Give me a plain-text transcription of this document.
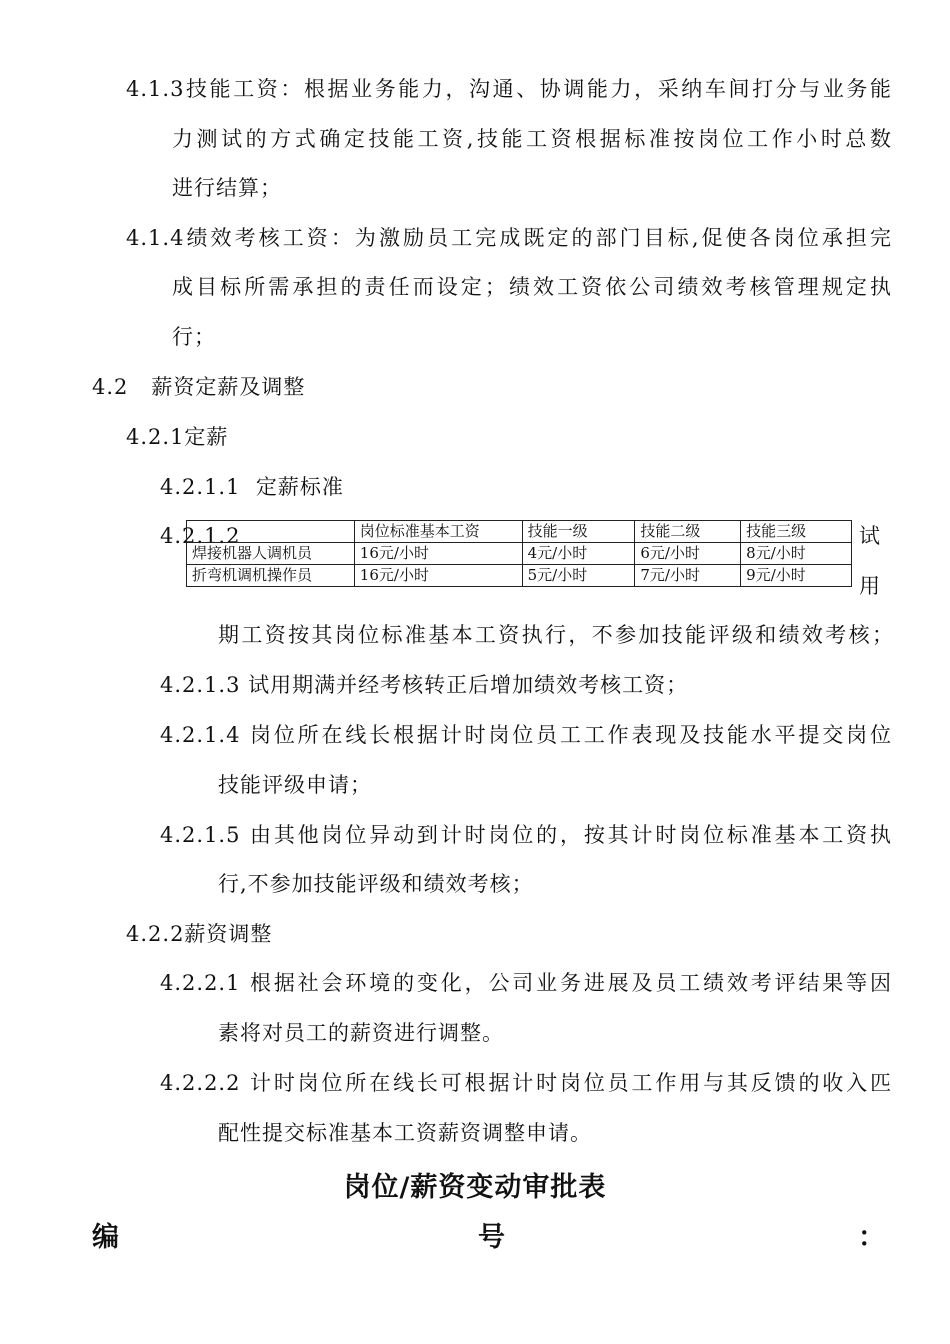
4.1.3技能工资：根据业务能力，沟通、协调能力，采纳车间打分与业务能
力测试的方式确定技能工资,技能工资根据标准按岗位工作小时总数
进行结算；
4.1.4绩效考核工资：为激励员工完成既定的部门目标,促使各岗位承担完
成目标所需承担的责任而设定；绩效工资依公司绩效考核管理规定执
行；
4.2   薪资定薪及调整
4.2.1定薪
4.2.1.1  定薪标准
4.2.1.2
		岗位标准基本工资	技能一级	技能二级	技能三级
焊接机器人调机员	16元/小时	4元/小时	6元/小时	8元/小时
折弯机调机操作员	16元/小时	5元/小时	7元/小时	9元/小时
试
用
期工资按其岗位标准基本工资执行，不参加技能评级和绩效考核；
4.2.1.3 试用期满并经考核转正后增加绩效考核工资；
4.2.1.4 岗位所在线长根据计时岗位员工工作表现及技能水平提交岗位
技能评级申请；
4.2.1.5 由其他岗位异动到计时岗位的，按其计时岗位标准基本工资执
行,不参加技能评级和绩效考核；
4.2.2薪资调整
4.2.2.1 根据社会环境的变化，公司业务进展及员工绩效考评结果等因
素将对员工的薪资进行调整。
4.2.2.2 计时岗位所在线长可根据计时岗位员工作用与其反馈的收入匹
配性提交标准基本工资薪资调整申请。
岗位/薪资变动审批表
编	号	：
